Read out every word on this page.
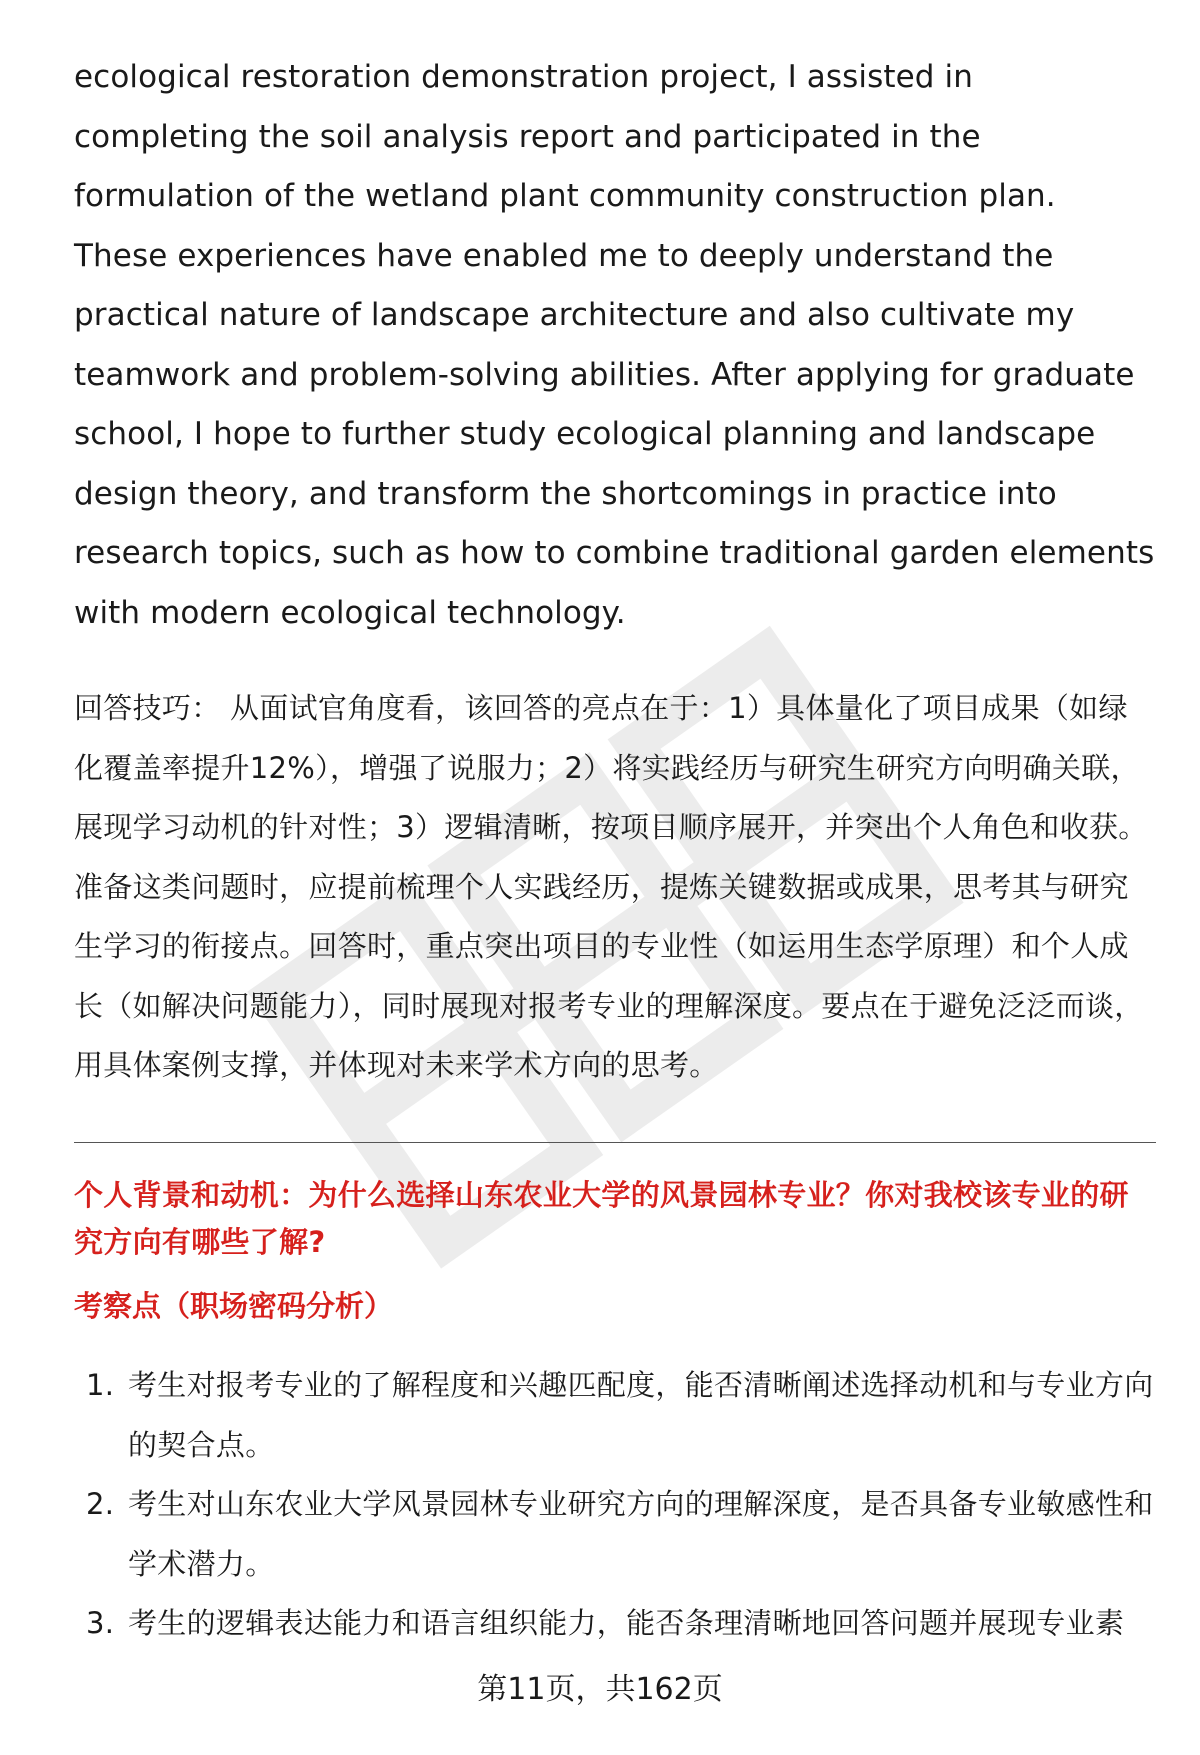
ecological restoration demonstration project, I assisted in completing the soil analysis report and participated in the formulation of the wetland plant community construction plan. These experiences have enabled me to deeply understand the practical nature of landscape architecture and also cultivate my teamwork and problem-solving abilities. After applying for graduate school, I hope to further study ecological planning and landscape design theory, and transform the shortcomings in practice into research topics, such as how to combine traditional garden elements with modern ecological technology.

回答技巧： 从面试官角度看，该回答的亮点在于：1）具体量化了项目成果（如绿化覆盖率提升12%），增强了说服力；2）将实践经历与研究生研究方向明确关联，展现学习动机的针对性；3）逻辑清晰，按项目顺序展开，并突出个人角色和收获。

准备这类问题时，应提前梳理个人实践经历，提炼关键数据或成果，思考其与研究生学习的衔接点。回答时，重点突出项目的专业性（如运用生态学原理）和个人成长（如解决问题能力），同时展现对报考专业的理解深度。要点在于避免泛泛而谈，用具体案例支撑，并体现对未来学术方向的思考。

个人背景和动机：为什么选择山东农业大学的风景园林专业？你对我校该专业的研究方向有哪些了解?

考察点（职场密码分析）

1. 考生对报考专业的了解程度和兴趣匹配度，能否清晰阐述选择动机和与专业方向的契合点。
2. 考生对山东农业大学风景园林专业研究方向的理解深度，是否具备专业敏感性和学术潜力。
3. 考生的逻辑表达能力和语言组织能力，能否条理清晰地回答问题并展现专业素
第11页，共162页
